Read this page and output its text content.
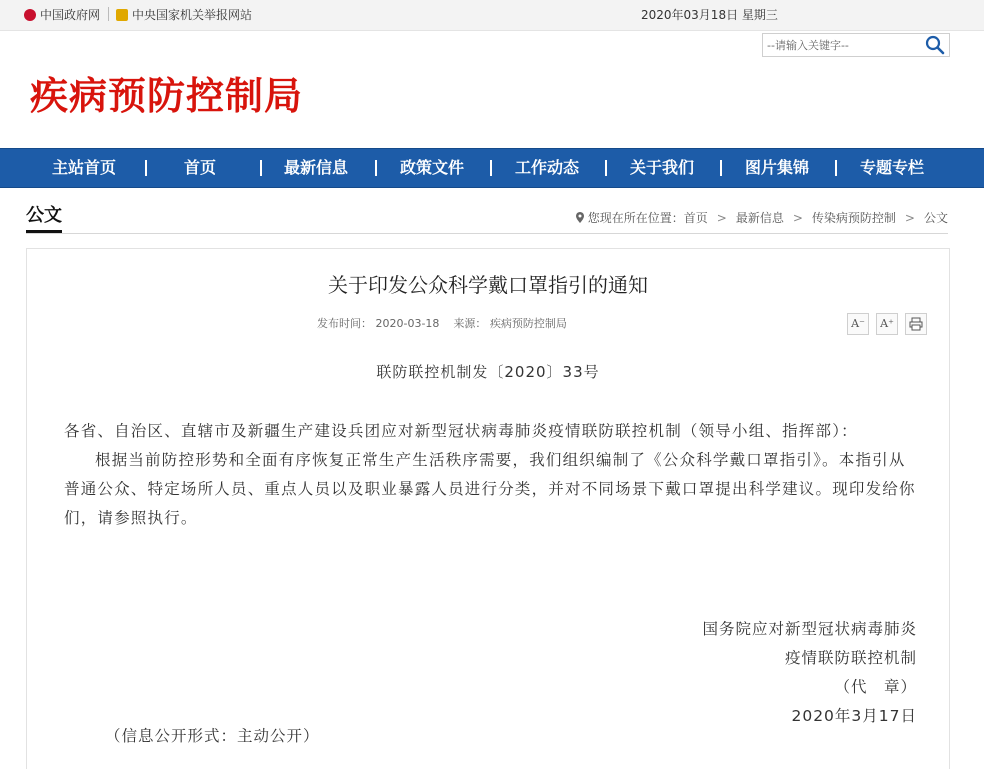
中国政府网	中央国家机关举报网站	2020年03月18日 星期三
疾病预防控制局
--请输入关键字--
主站首页	首页	最新信息	政策文件	工作动态	关于我们	图片集锦	专题专栏
公文	您现在所在位置： 首页 > 最新信息 > 传染病预防控制 > 公文
关于印发公众科学戴口罩指引的通知
发布时间： 2020-03-18 来源： 疾病预防控制局	A⁻	A⁺
联防联控机制发〔2020〕33号

各省、自治区、直辖市及新疆生产建设兵团应对新型冠状病毒肺炎疫情联防联控机制（领导小组、指挥部）：

根据当前防控形势和全面有序恢复正常生产生活秩序需要，我们组织编制了《公众科学戴口罩指引》。本指引从普通公众、特定场所人员、重点人员以及职业暴露人员进行分类，并对不同场景下戴口罩提出科学建议。现印发给你们，请参照执行。

国务院应对新型冠状病毒肺炎
疫情联防联控机制
（代　章）
2020年3月17日
（信息公开形式：主动公开）
